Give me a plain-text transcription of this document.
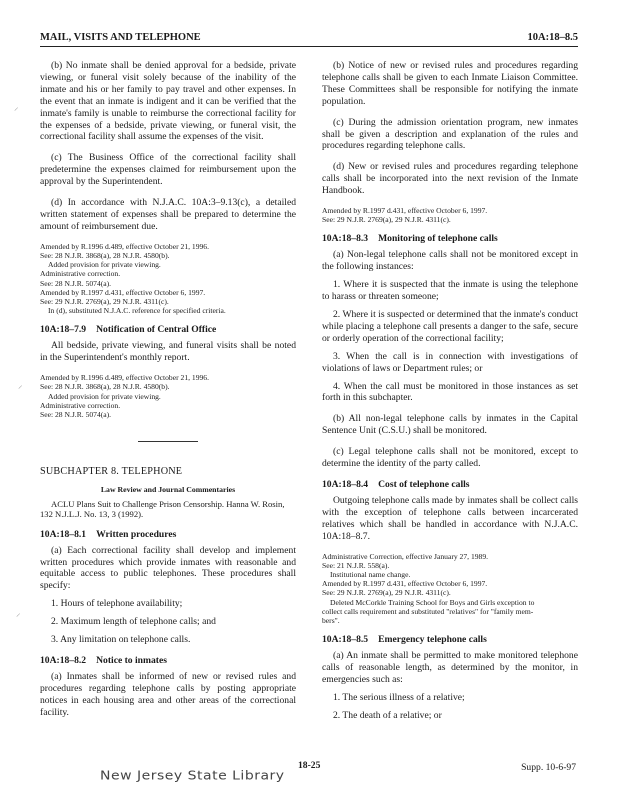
MAIL, VISITS AND TELEPHONE	10A:18–8.5
⸝
⸝
⸝

(b) No inmate shall be denied approval for a bedside, private viewing, or funeral visit solely because of the inability of the inmate and his or her family to pay travel and other expenses. In the event that an inmate is indigent and it can be verified that the inmate's family is unable to reimburse the correctional facility for the expenses of a bedside, private viewing, or funeral visit, the correctional facility shall assume the expenses of the visit.

(c) The Business Office of the correctional facility shall predetermine the expenses claimed for reimbursement upon the approval by the Superintendent.

(d) In accordance with N.J.A.C. 10A:3–9.13(c), a detailed written statement of expenses shall be prepared to determine the amount of reimbursement due.

Amended by R.1996 d.489, effective October 21, 1996.
See: 28 N.J.R. 3868(a), 28 N.J.R. 4580(b).
Added provision for private viewing.
Administrative correction.
See: 28 N.J.R. 5074(a).
Amended by R.1997 d.431, effective October 6, 1997.
See: 29 N.J.R. 2769(a), 29 N.J.R. 4311(c).
In (d), substituted N.J.A.C. reference for specified criteria.
10A:18–7.9 Notification of Central Office

All bedside, private viewing, and funeral visits shall be noted in the Superintendent's monthly report.

Amended by R.1996 d.489, effective October 21, 1996.
See: 28 N.J.R. 3868(a), 28 N.J.R. 4580(b).
Added provision for private viewing.
Administrative correction.
See: 28 N.J.R. 5074(a).
SUBCHAPTER 8. TELEPHONE
Law Review and Journal Commentaries

ACLU Plans Suit to Challenge Prison Censorship. Hanna W. Rosin, 132 N.J.L.J. No. 13, 3 (1992).

10A:18–8.1 Written procedures

(a) Each correctional facility shall develop and implement written procedures which provide inmates with reasonable and equitable access to public telephones. These procedures shall specify:

1. Hours of telephone availability;
2. Maximum length of telephone calls; and
3. Any limitation on telephone calls.
10A:18–8.2 Notice to inmates

(a) Inmates shall be informed of new or revised rules and procedures regarding telephone calls by posting appropriate notices in each housing area and other areas of the correctional facility.

(b) Notice of new or revised rules and procedures regarding telephone calls shall be given to each Inmate Liaison Committee. These Committees shall be responsible for notifying the inmate population.

(c) During the admission orientation program, new inmates shall be given a description and explanation of the rules and procedures regarding telephone calls.

(d) New or revised rules and procedures regarding telephone calls shall be incorporated into the next revision of the Inmate Handbook.

Amended by R.1997 d.431, effective October 6, 1997.
See: 29 N.J.R. 2769(a), 29 N.J.R. 4311(c).
10A:18–8.3 Monitoring of telephone calls

(a) Non-legal telephone calls shall not be monitored except in the following instances:

1. Where it is suspected that the inmate is using the telephone to harass or threaten someone;

2. Where it is suspected or determined that the inmate's conduct while placing a telephone call presents a danger to the safe, secure or orderly operation of the correctional facility;

3. When the call is in connection with investigations of violations of laws or Department rules; or

4. When the call must be monitored in those instances as set forth in this subchapter.

(b) All non-legal telephone calls by inmates in the Capital Sentence Unit (C.S.U.) shall be monitored.

(c) Legal telephone calls shall not be monitored, except to determine the identity of the party called.

10A:18–8.4 Cost of telephone calls

Outgoing telephone calls made by inmates shall be collect calls with the exception of telephone calls between incarcerated relatives which shall be handled in accordance with N.J.A.C. 10A:18–8.7.

Administrative Correction, effective January 27, 1989.
See: 21 N.J.R. 558(a).
Institutional name change.
Amended by R.1997 d.431, effective October 6, 1997.
See: 29 N.J.R. 2769(a), 29 N.J.R. 4311(c).
Deleted McCorkle Training School for Boys and Girls exception to
collect calls requirement and substituted "relatives" for "family mem-
bers".
10A:18–8.5 Emergency telephone calls

(a) An inmate shall be permitted to make monitored telephone calls of reasonable length, as determined by the monitor, in emergencies such as:

1. The serious illness of a relative;
2. The death of a relative; or
New Jersey State Library
18-25	Supp. 10-6-97
